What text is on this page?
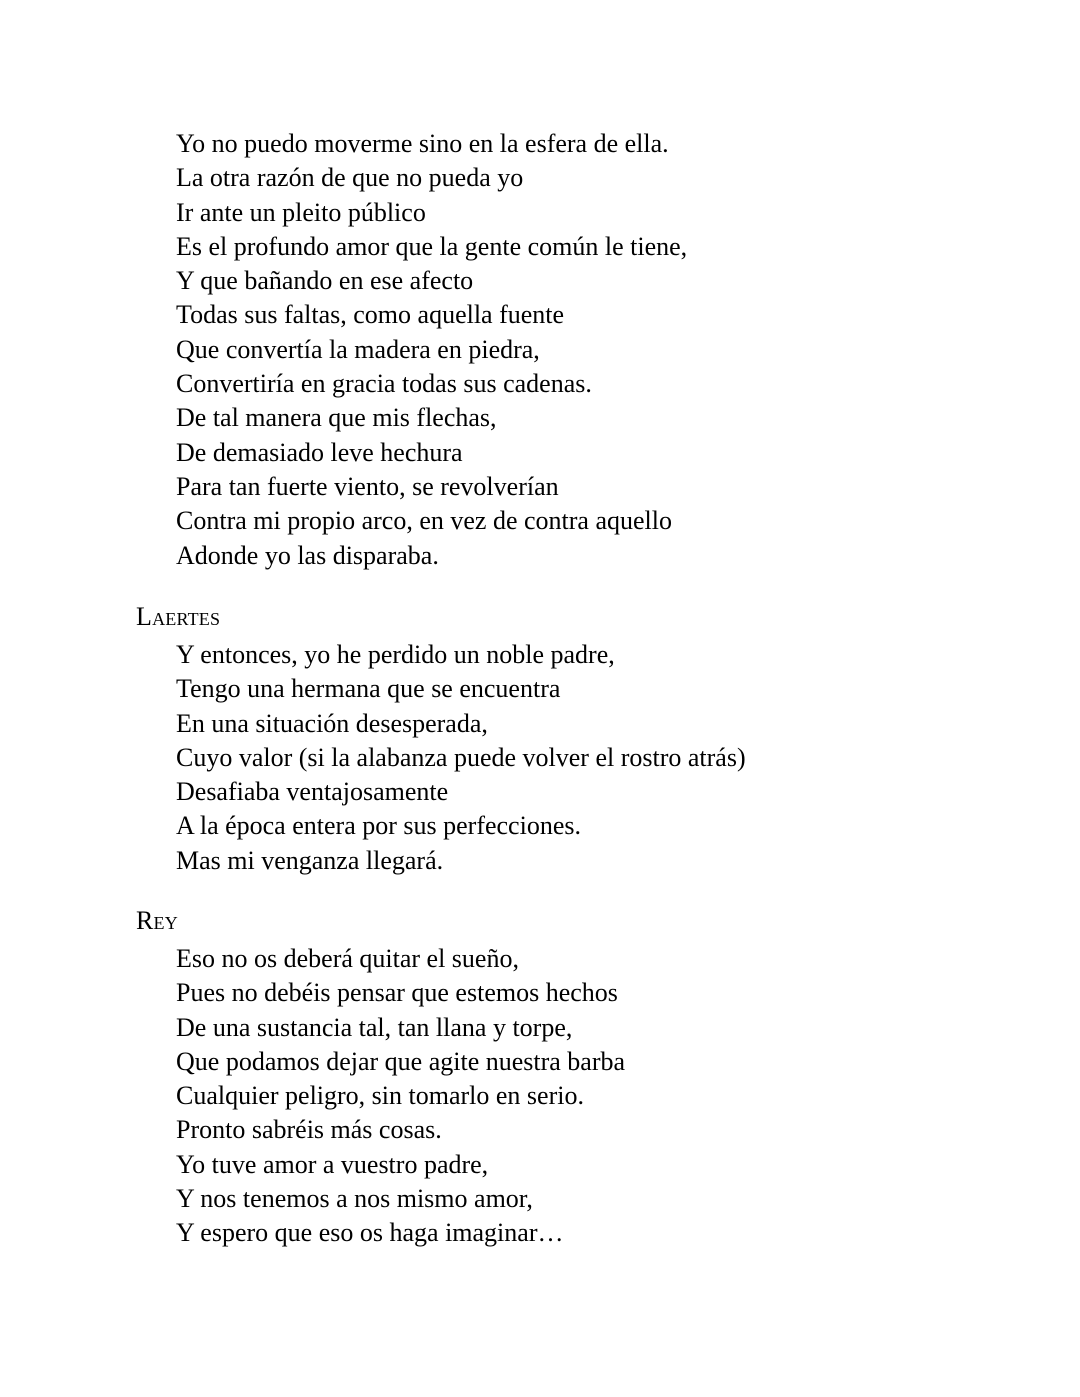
Yo no puedo moverme sino en la esfera de ella.
La otra razón de que no pueda yo
Ir ante un pleito público
Es el profundo amor que la gente común le tiene,
Y que bañando en ese afecto
Todas sus faltas, como aquella fuente
Que convertía la madera en piedra,
Convertiría en gracia todas sus cadenas.
De tal manera que mis flechas,
De demasiado leve hechura
Para tan fuerte viento, se revolverían
Contra mi propio arco, en vez de contra aquello
Adonde yo las disparaba.
Laertes
Y entonces, yo he perdido un noble padre,
Tengo una hermana que se encuentra
En una situación desesperada,
Cuyo valor (si la alabanza puede volver el rostro atrás)
Desafiaba ventajosamente
A la época entera por sus perfecciones.
Mas mi venganza llegará.
Rey
Eso no os deberá quitar el sueño,
Pues no debéis pensar que estemos hechos
De una sustancia tal, tan llana y torpe,
Que podamos dejar que agite nuestra barba
Cualquier peligro, sin tomarlo en serio.
Pronto sabréis más cosas.
Yo tuve amor a vuestro padre,
Y nos tenemos a nos mismo amor,
Y espero que eso os haga imaginar…
